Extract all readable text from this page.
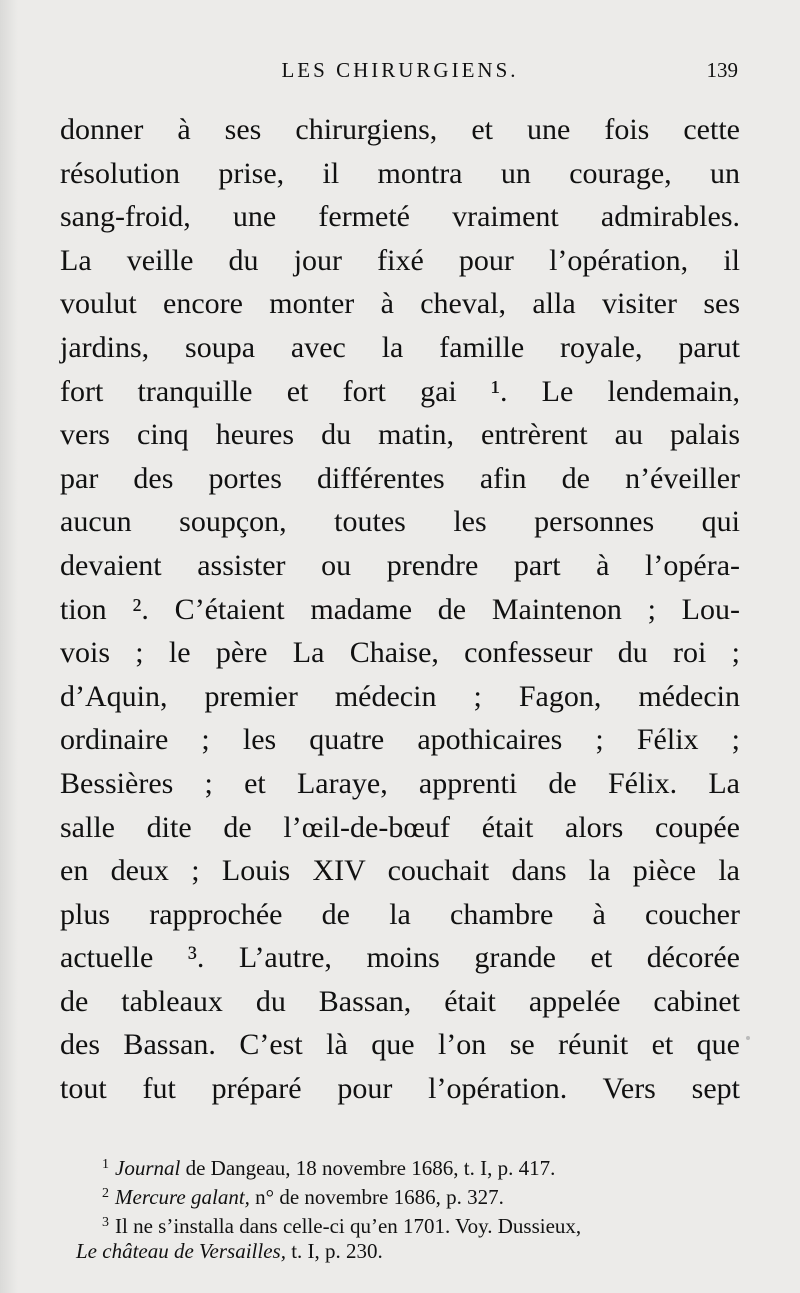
LES CHIRURGIENS.	139
donner à ses chirurgiens, et une fois cette
résolution prise, il montra un courage, un
sang-froid, une fermeté vraiment admirables.
La veille du jour fixé pour l’opération, il
voulut encore monter à cheval, alla visiter ses
jardins, soupa avec la famille royale, parut
fort tranquille et fort gai ¹. Le lendemain,
vers cinq heures du matin, entrèrent au palais
par des portes différentes afin de n’éveiller
aucun soupçon, toutes les personnes qui
devaient assister ou prendre part à l’opéra-
tion ². C’étaient madame de Maintenon ; Lou-
vois ; le père La Chaise, confesseur du roi ;
d’Aquin, premier médecin ; Fagon, médecin
ordinaire ; les quatre apothicaires ; Félix ;
Bessières ; et Laraye, apprenti de Félix. La
salle dite de l’œil-de-bœuf était alors coupée
en deux ; Louis XIV couchait dans la pièce la
plus rapprochée de la chambre à coucher
actuelle ³. L’autre, moins grande et décorée
de tableaux du Bassan, était appelée cabinet
des Bassan. C’est là que l’on se réunit et que
tout fut préparé pour l’opération. Vers sept
$^1$ Journal de Dangeau, 18 novembre 1686, t. I, p. 417.
$^2$ Mercure galant, n° de novembre 1686, p. 327.
$^3$ Il ne s’installa dans celle-ci qu’en 1701. Voy. Dussieux,
Le château de Versailles, t. I, p. 230.
